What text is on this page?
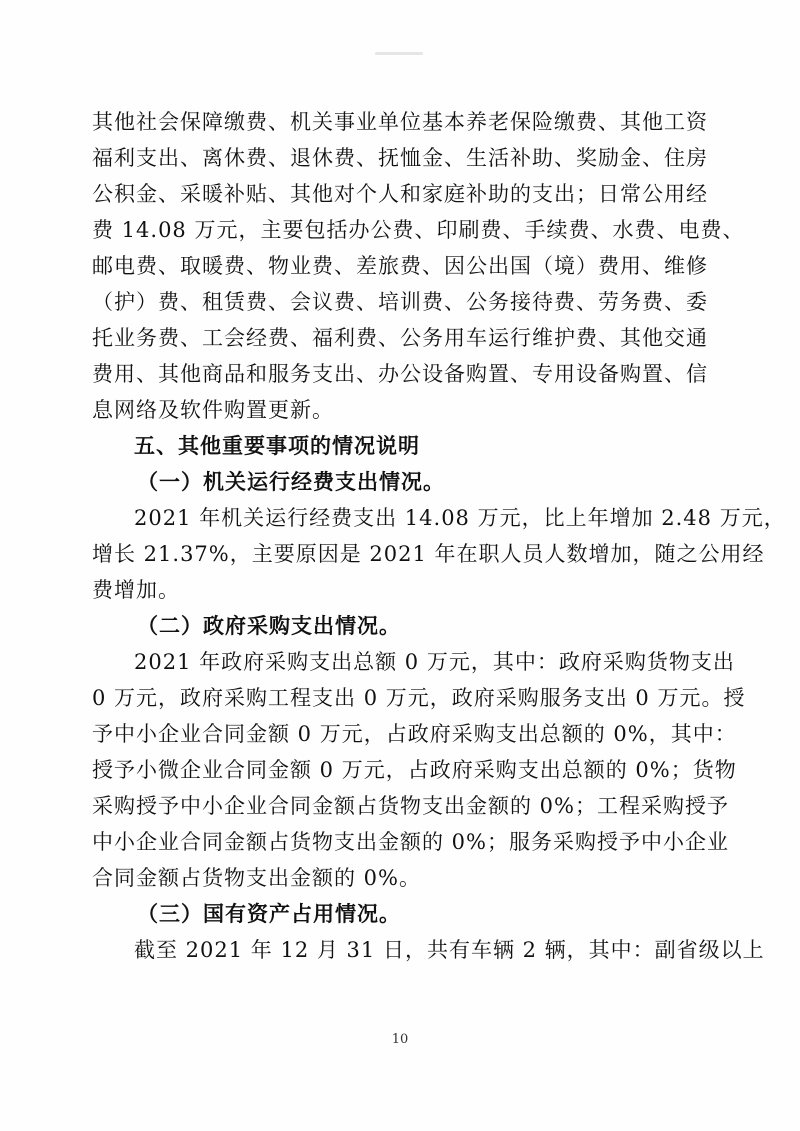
其他社会保障缴费、机关事业单位基本养老保险缴费、其他工资
福利支出、离休费、退休费、抚恤金、生活补助、奖励金、住房
公积金、采暖补贴、其他对个人和家庭补助的支出；日常公用经
费 14.08 万元，主要包括办公费、印刷费、手续费、水费、电费、
邮电费、取暖费、物业费、差旅费、因公出国（境）费用、维修
（护）费、租赁费、会议费、培训费、公务接待费、劳务费、委
托业务费、工会经费、福利费、公务用车运行维护费、其他交通
费用、其他商品和服务支出、办公设备购置、专用设备购置、信
息网络及软件购置更新。
五、其他重要事项的情况说明
（一）机关运行经费支出情况。
2021 年机关运行经费支出 14.08 万元，比上年增加 2.48 万元，
增长 21.37%，主要原因是 2021 年在职人员人数增加，随之公用经
费增加。
（二）政府采购支出情况。
2021 年政府采购支出总额 0 万元，其中：政府采购货物支出
0 万元，政府采购工程支出 0 万元，政府采购服务支出 0 万元。授
予中小企业合同金额 0 万元，占政府采购支出总额的 0%，其中：
授予小微企业合同金额 0 万元，占政府采购支出总额的 0%；货物
采购授予中小企业合同金额占货物支出金额的 0%；工程采购授予
中小企业合同金额占货物支出金额的 0%；服务采购授予中小企业
合同金额占货物支出金额的 0%。
（三）国有资产占用情况。
截至 2021 年 12 月 31 日，共有车辆 2 辆，其中：副省级以上
10
